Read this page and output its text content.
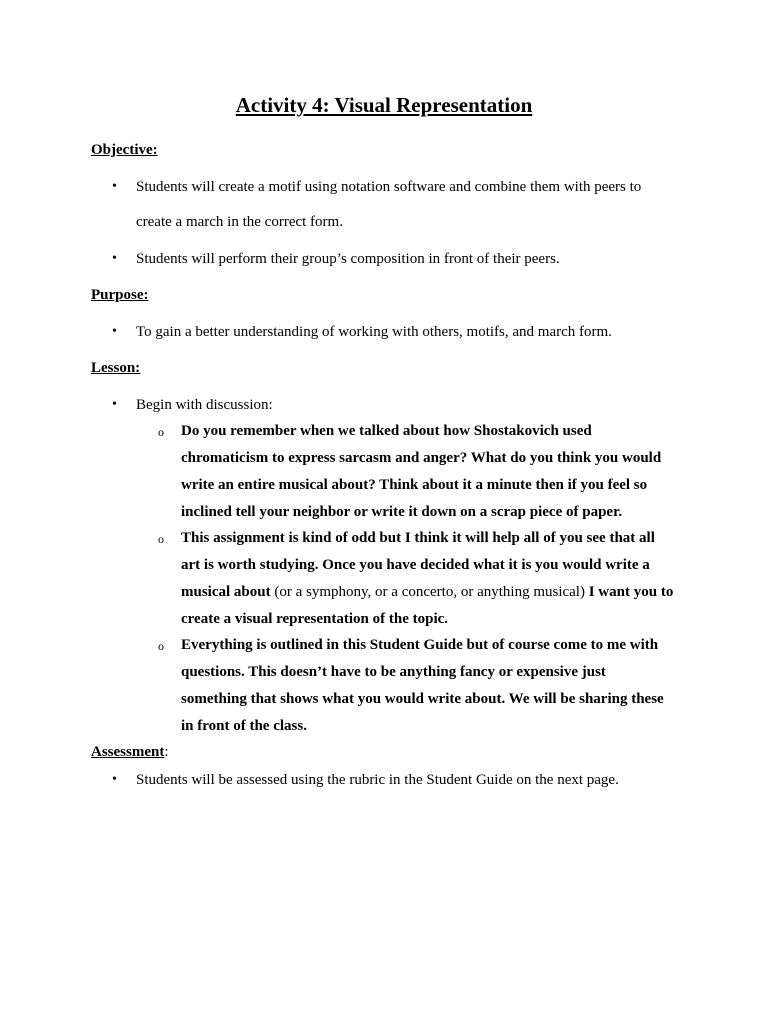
Activity 4: Visual Representation
Objective:
• Students will create a motif using notation software and combine them with peers to
create a march in the correct form.
• Students will perform their group’s composition in front of their peers.
Purpose:
• To gain a better understanding of working with others, motifs, and march form.
Lesson:
• Begin with discussion:
o Do you remember when we talked about how Shostakovich used
chromaticism to express sarcasm and anger? What do you think you would
write an entire musical about? Think about it a minute then if you feel so
inclined tell your neighbor or write it down on a scrap piece of paper.
o This assignment is kind of odd but I think it will help all of you see that all
art is worth studying. Once you have decided what it is you would write a
musical about (or a symphony, or a concerto, or anything musical) I want you to
create a visual representation of the topic.
o Everything is outlined in this Student Guide but of course come to me with
questions. This doesn’t have to be anything fancy or expensive just
something that shows what you would write about. We will be sharing these
in front of the class.
Assessment:
• Students will be assessed using the rubric in the Student Guide on the next page.
